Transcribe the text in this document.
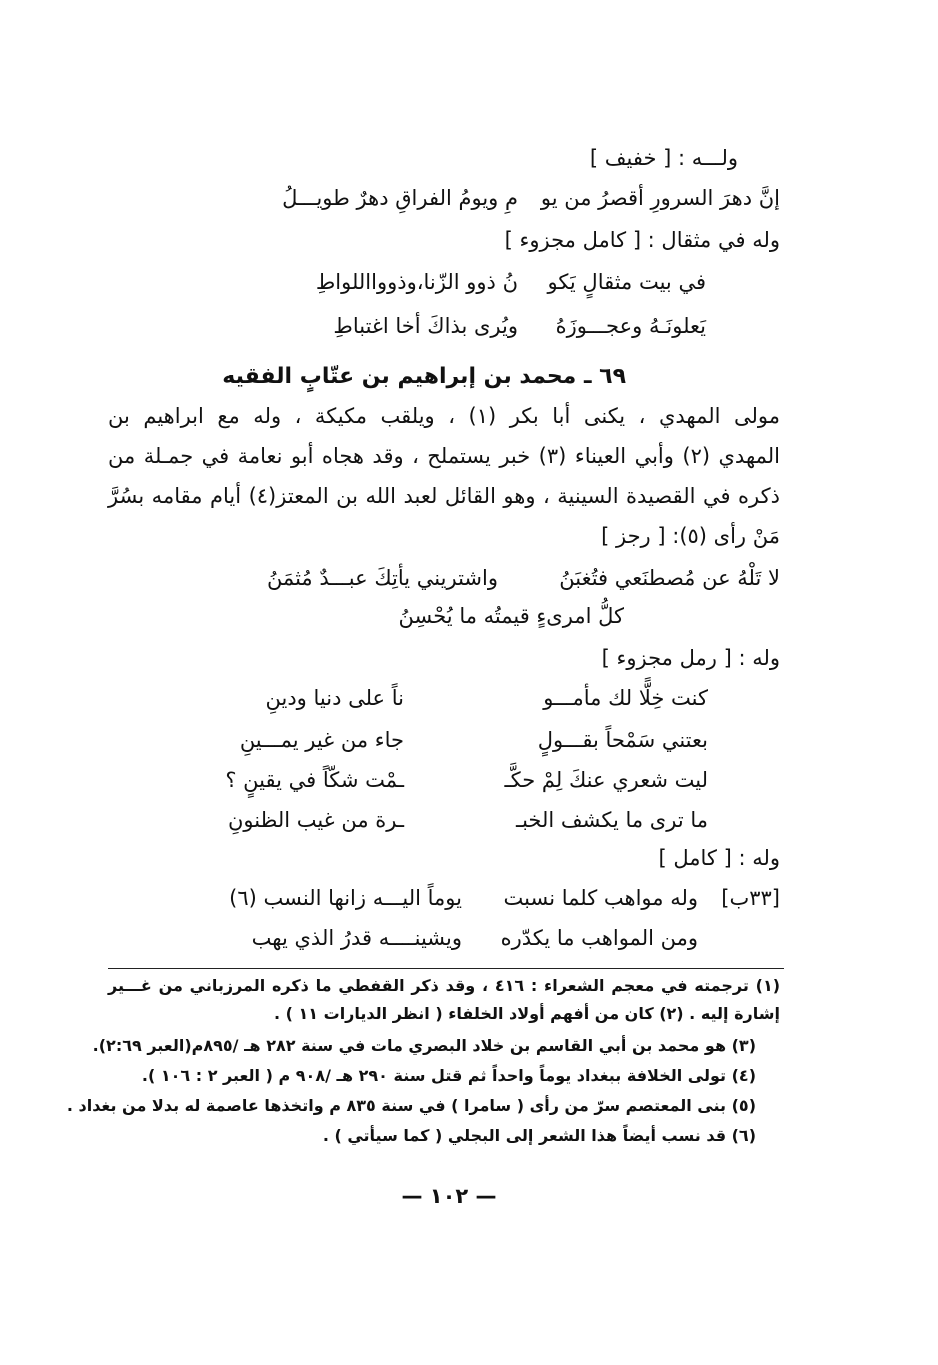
ولـــه : [ خفيف ]
إنَّ دهرَ السرورِ أقصرُ من يو
مِ ويومُ الفراقِ دهرٌ طويـــلُ
وله في مثقال : [ كامل مجزوء ]
في بيت مثقالٍ يَكو
نُ ذوو الزّنا،وذووااللواطِ
يَعلونَـهُ وعجـــوزَهُ
ويُرى بذاكَ أخا اغتباطِ
٦٩ ـ محمد بن إبراهيم بن عتّابٍ الفقيه
مولى المهدي ، يكنى أبا بكر (١) ، ويلقب مكيكة ، وله مع ابراهيم بن
المهدي (٢) وأبي العيناء (٣) خبر يستملح ، وقد هجاه أبو نعامة في جمـلة من
ذكره في القصيدة السينية ، وهو القائل لعبد الله بن المعتز(٤) أيام مقامه بسُرَّ
مَنْ رأى (٥): [ رجز ]
لا تَلْهُ عن مُصطنَعي فتُغبَنُ
واشتريني يأتِكَ عبـــدٌ مُثمَنُ
كلُّ امرىءٍ قيمتُه ما يُحْسِنُ
وله : [ رمل مجزوء ]
كنت خِلًّا لك مأمـــو
ناً على دنيا ودينِ
بعتني سَمْحاً بقـــولٍ
جاء من غير يمـــينِ
ليت شعري عنكَ لِمْ حكَّـ
ـمْت شكّاً في يقينٍ ؟
ما ترى ما يكشف الخبـ
ـرة من غيب الظنونِ
وله : [ كامل ]
[٣٣ب]
وله مواهب كلما نسبت
يوماً اليـــه زانها النسب (٦)
ومن المواهب ما يكدّره
ويشينــــه قدرُ الذي يهب
(١) ترجمته في معجم الشعراء : ٤١٦ ، وقد ذكر القفطي ما ذكره المرزباني من غـــير
إشارة إليه . (٢) كان من أفهم أولاد الخلفاء ( انظر الديارات ١١ ) .
(٣) هو محمد بن أبي القاسم بن خلاد البصري مات في سنة ٢٨٢ هـ /٨٩٥م(العبر ٢:٦٩).
(٤) تولى الخلافة ببغداد يوماً واحداً ثم قتل سنة ٢٩٠ هـ /٩٠٨ م ( العبر ٢ : ١٠٦ ).
(٥) بنى المعتصم سرّ من رأى ( سامرا ) في سنة ٨٣٥ م واتخذها عاصمة له بدلا من بغداد .
(٦) قد نسب أيضاً هذا الشعر إلى البجلي ( كما سيأتي ) .
— ١٠٢ —
